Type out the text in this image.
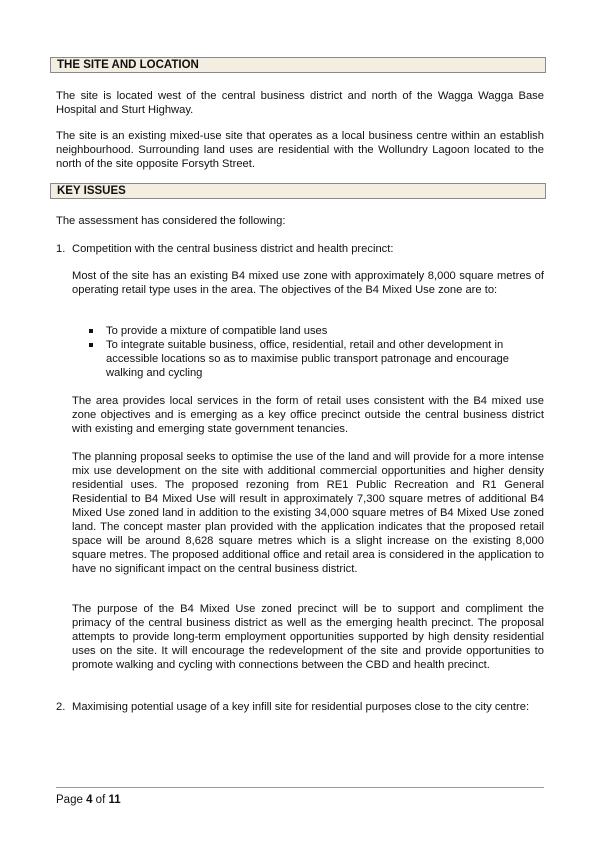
THE SITE AND LOCATION
The site is located west of the central business district and north of the Wagga Wagga Base Hospital and Sturt Highway.
The site is an existing mixed-use site that operates as a local business centre within an establish neighbourhood. Surrounding land uses are residential with the Wollundry Lagoon located to the north of the site opposite Forsyth Street.
KEY ISSUES
The assessment has considered the following:
1. Competition with the central business district and health precinct:
Most of the site has an existing B4 mixed use zone with approximately 8,000 square metres of operating retail type uses in the area. The objectives of the B4 Mixed Use zone are to:
To provide a mixture of compatible land uses
To integrate suitable business, office, residential, retail and other development in accessible locations so as to maximise public transport patronage and encourage walking and cycling
The area provides local services in the form of retail uses consistent with the B4 mixed use zone objectives and is emerging as a key office precinct outside the central business district with existing and emerging state government tenancies.
The planning proposal seeks to optimise the use of the land and will provide for a more intense mix use development on the site with additional commercial opportunities and higher density residential uses. The proposed rezoning from RE1 Public Recreation and R1 General Residential to B4 Mixed Use will result in approximately 7,300 square metres of additional B4 Mixed Use zoned land in addition to the existing 34,000 square metres of B4 Mixed Use zoned land. The concept master plan provided with the application indicates that the proposed retail space will be around 8,628 square metres which is a slight increase on the existing 8,000 square metres. The proposed additional office and retail area is considered in the application to have no significant impact on the central business district.
The purpose of the B4 Mixed Use zoned precinct will be to support and compliment the primacy of the central business district as well as the emerging health precinct. The proposal attempts to provide long-term employment opportunities supported by high density residential uses on the site. It will encourage the redevelopment of the site and provide opportunities to promote walking and cycling with connections between the CBD and health precinct.
2. Maximising potential usage of a key infill site for residential purposes close to the city centre:
Page 4 of 11
